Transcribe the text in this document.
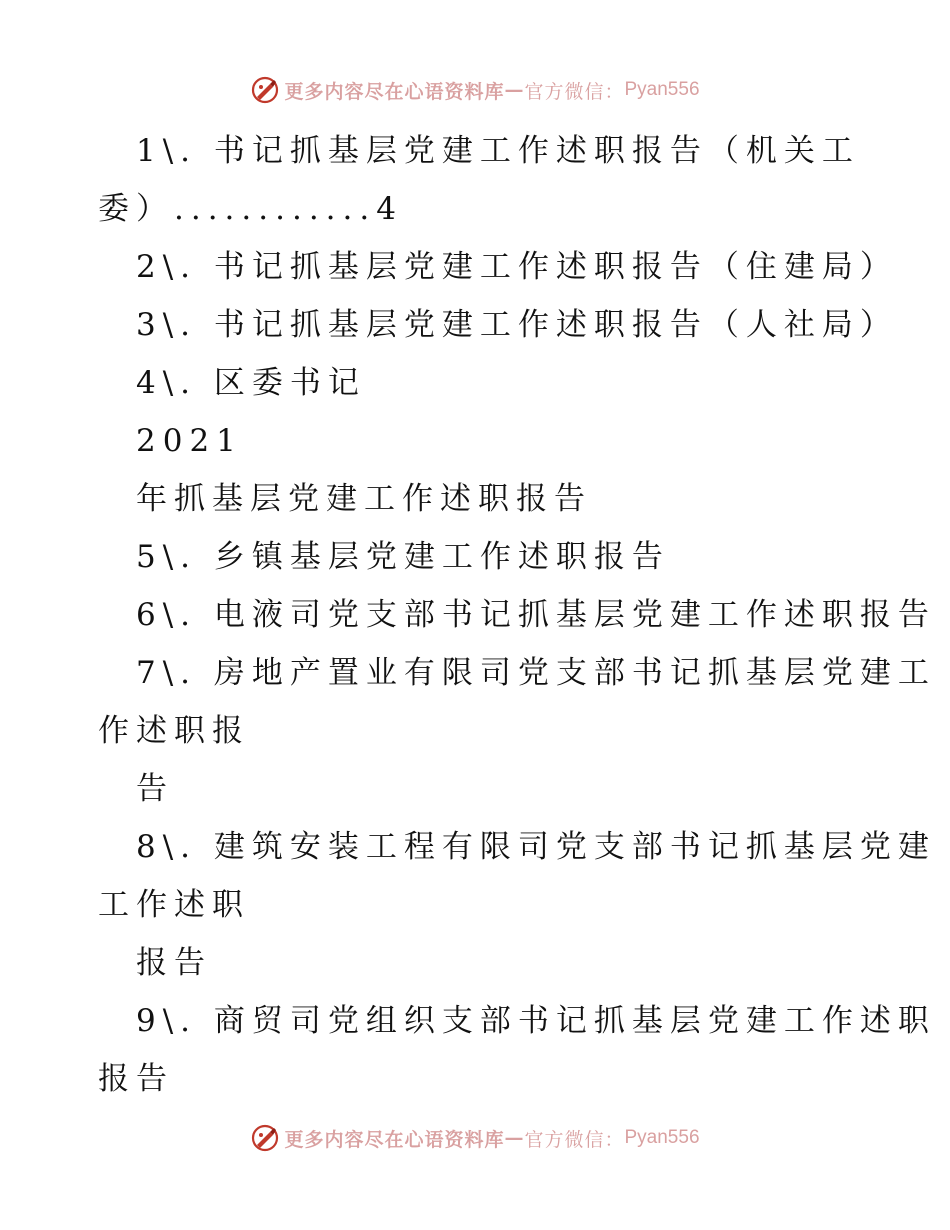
更多内容尽在心语资料库 — 官方微信： Pyan556
1\. 书记抓基层党建工作述职报告（机关工
委）............4
2\. 书记抓基层党建工作述职报告（住建局）
3\. 书记抓基层党建工作述职报告（人社局）
4\. 区委书记
2021
年抓基层党建工作述职报告
5\. 乡镇基层党建工作述职报告
6\. 电液司党支部书记抓基层党建工作述职报告
7\. 房地产置业有限司党支部书记抓基层党建工
作述职报
告
8\. 建筑安装工程有限司党支部书记抓基层党建
工作述职
报告
9\. 商贸司党组织支部书记抓基层党建工作述职
报告
更多内容尽在心语资料库 — 官方微信： Pyan556
